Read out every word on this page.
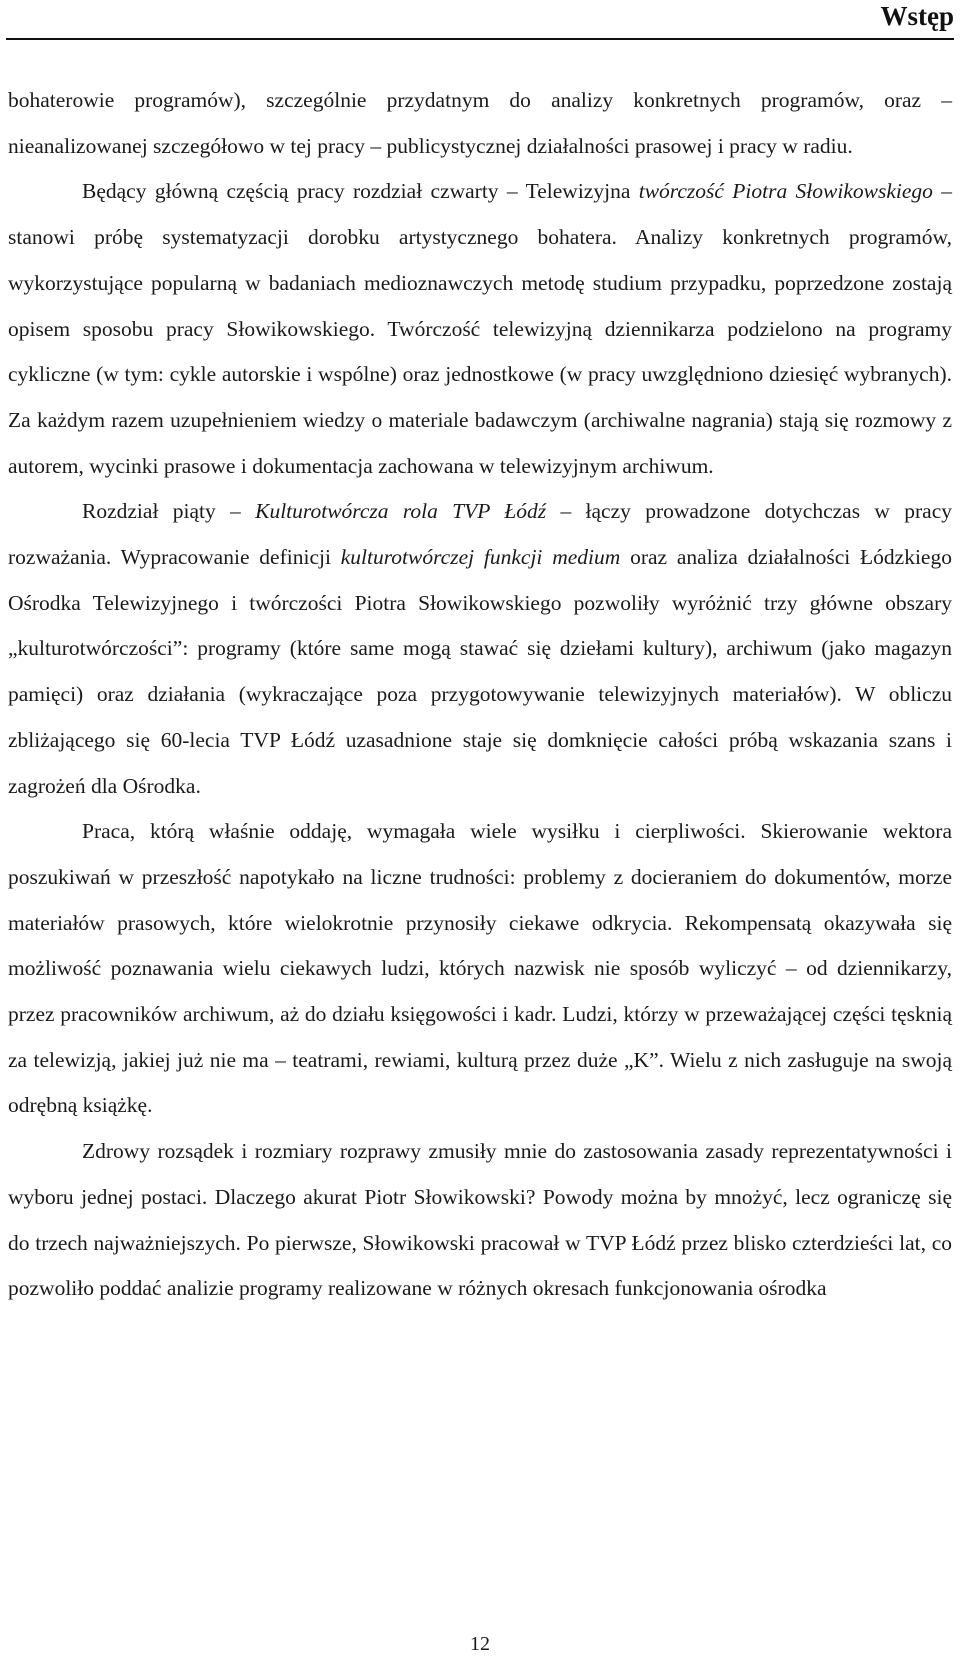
Wstęp

bohaterowie programów), szczególnie przydatnym do analizy konkretnych programów, oraz – nieanalizowanej szczegółowo w tej pracy – publicystycznej działalności prasowej i pracy w radiu.

Będący główną częścią pracy rozdział czwarty – Telewizyjna twórczość Piotra Słowikowskiego – stanowi próbę systematyzacji dorobku artystycznego bohatera. Analizy konkretnych programów, wykorzystujące popularną w badaniach medioznawczych metodę studium przypadku, poprzedzone zostają opisem sposobu pracy Słowikowskiego. Twórczość telewizyjną dziennikarza podzielono na programy cykliczne (w tym: cykle autorskie i wspólne) oraz jednostkowe (w pracy uwzględniono dziesięć wybranych). Za każdym razem uzupełnieniem wiedzy o materiale badawczym (archiwalne nagrania) stają się rozmowy z autorem, wycinki prasowe i dokumentacja zachowana w telewizyjnym archiwum.

Rozdział piąty – Kulturotwórcza rola TVP Łódź – łączy prowadzone dotychczas w pracy rozważania. Wypracowanie definicji kulturotwórczej funkcji medium oraz analiza działalności Łódzkiego Ośrodka Telewizyjnego i twórczości Piotra Słowikowskiego pozwoliły wyróżnić trzy główne obszary „kulturotwórczości”: programy (które same mogą stawać się dziełami kultury), archiwum (jako magazyn pamięci) oraz działania (wykraczające poza przygotowywanie telewizyjnych materiałów). W obliczu zbliżającego się 60-lecia TVP Łódź uzasadnione staje się domknięcie całości próbą wskazania szans i zagrożeń dla Ośrodka.

Praca, którą właśnie oddaję, wymagała wiele wysiłku i cierpliwości. Skierowanie wektora poszukiwań w przeszłość napotykało na liczne trudności: problemy z docieraniem do dokumentów, morze materiałów prasowych, które wielokrotnie przynosiły ciekawe odkrycia. Rekompensatą okazywała się możliwość poznawania wielu ciekawych ludzi, których nazwisk nie sposób wyliczyć – od dziennikarzy, przez pracowników archiwum, aż do działu księgowości i kadr. Ludzi, którzy w przeważającej części tęsknią za telewizją, jakiej już nie ma – teatrami, rewiami, kulturą przez duże „K”. Wielu z nich zasługuje na swoją odrębną książkę.

Zdrowy rozsądek i rozmiary rozprawy zmusiły mnie do zastosowania zasady reprezentatywności i wyboru jednej postaci. Dlaczego akurat Piotr Słowikowski? Powody można by mnożyć, lecz ograniczę się do trzech najważniejszych. Po pierwsze, Słowikowski pracował w TVP Łódź przez blisko czterdzieści lat, co pozwoliło poddać analizie programy realizowane w różnych okresach funkcjonowania ośrodka

12
